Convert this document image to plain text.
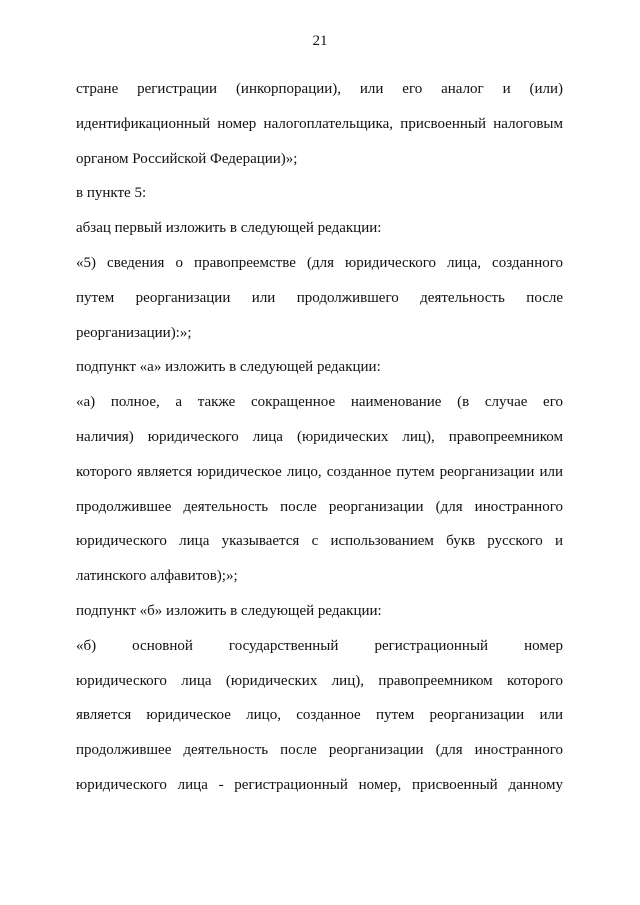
21

стране регистрации (инкорпорации), или его аналог и (или)

идентификационный номер налогоплательщика, присвоенный налоговым

органом Российской Федерации)»;

в пункте 5:

абзац первый изложить в следующей редакции:

«5) сведения о правопреемстве (для юридического лица, созданного

путем реорганизации или продолжившего деятельность после

реорганизации):»;

подпункт «а» изложить в следующей редакции:

«а) полное, а также сокращенное наименование (в случае его

наличия) юридического лица (юридических лиц), правопреемником

которого является юридическое лицо, созданное путем реорганизации или

продолжившее деятельность после реорганизации (для иностранного

юридического лица указывается с использованием букв русского и

латинского алфавитов);»;

подпункт «б» изложить в следующей редакции:

«б) основной государственный регистрационный номер

юридического лица (юридических лиц), правопреемником которого

является юридическое лицо, созданное путем реорганизации или

продолжившее деятельность после реорганизации (для иностранного

юридического лица - регистрационный номер, присвоенный данному
